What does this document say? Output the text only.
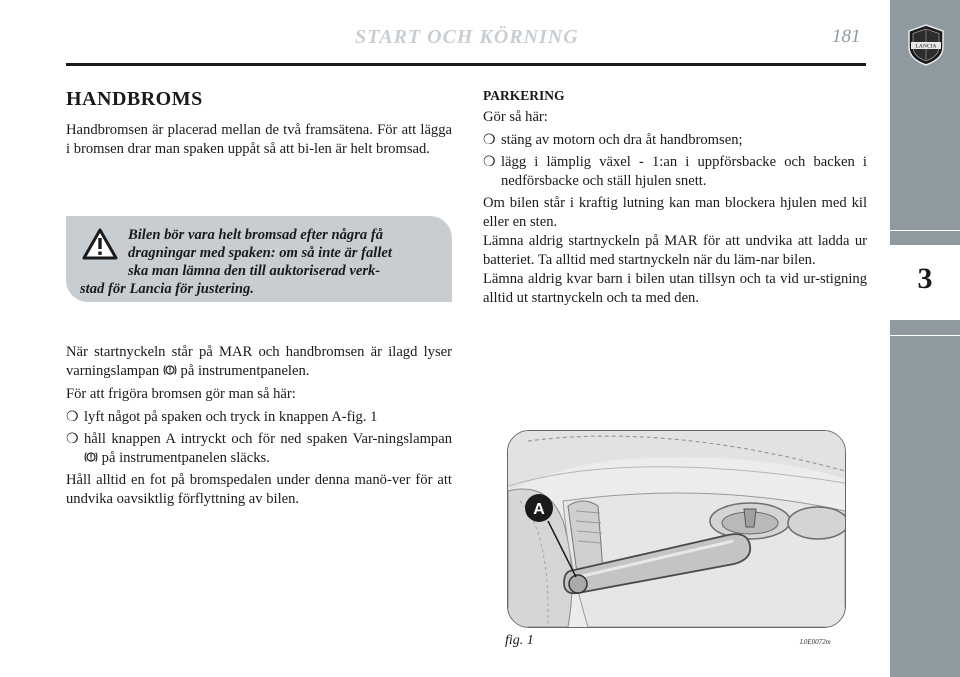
START OCH KÖRNING	181	LANCIA
3
HANDBROMS

Handbromsen är placerad mellan de två framsätena. För att lägga i bromsen drar man spaken uppåt så att bi-len är helt bromsad.

Bilen bör vara helt bromsad efter några få
dragningar med spaken: om så inte är fallet
ska man lämna den till auktoriserad verk-
stad för Lancia för justering.

När startnyckeln står på MAR och handbromsen är ilagd lyser varningslampan på instrumentpanelen.

För att frigöra bromsen gör man så här:

❍ lyft något på spaken och tryck in knappen A-fig. 1
❍ håll knappen A intryckt och för ned spaken Var-ningslampan  på instrumentpanelen släcks.

Håll alltid en fot på bromspedalen under denna manö-ver för att undvika oavsiktlig förflyttning av bilen.

PARKERING

Gör så här:

❍ stäng av motorn och dra åt handbromsen;
❍ lägg i lämplig växel - 1:an i uppförsbacke och backen i nedförsbacke och ställ hjulen snett.

Om bilen står i kraftig lutning kan man blockera hjulen med kil eller en sten.

Lämna aldrig startnyckeln på MAR för att undvika att ladda ur batteriet. Ta alltid med startnyckeln när du läm-nar bilen.

Lämna aldrig kvar barn i bilen utan tillsyn och ta vid ur-stigning alltid ut startnyckeln och ta med den.

A
fig. 1	L0E0072m
